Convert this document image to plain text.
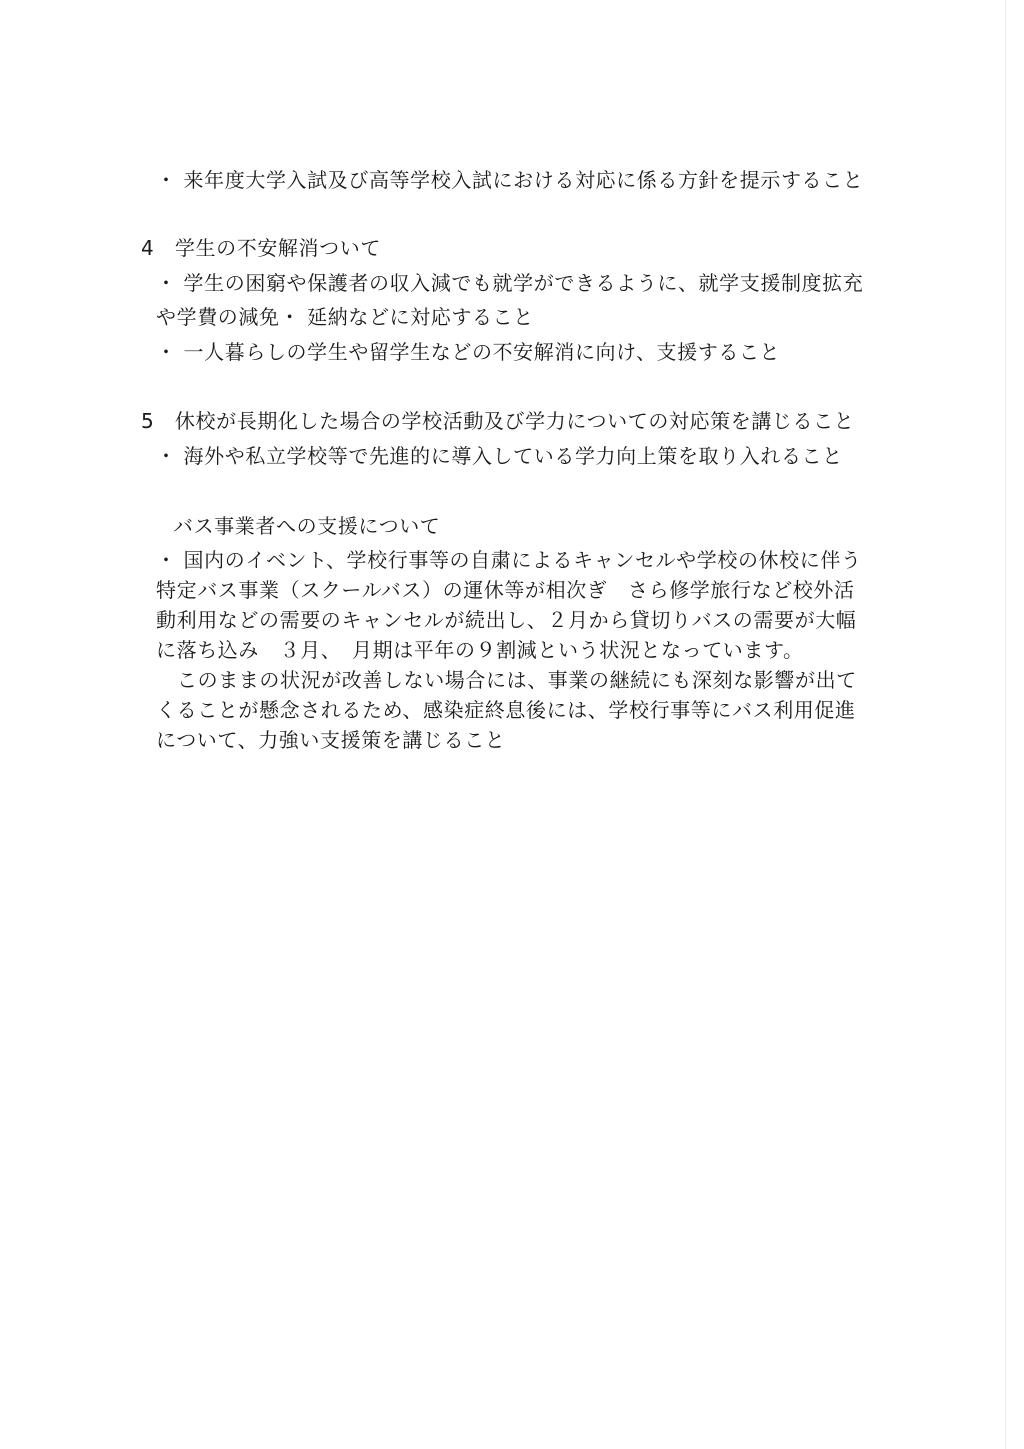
・ 来年度大学入試及び高等学校入試における対応に係る方針を提示すること
4　学生の不安解消ついて
・ 学生の困窮や保護者の収入減でも就学ができるように、就学支援制度拡充
や学費の減免・ 延納などに対応すること
・ 一人暮らしの学生や留学生などの不安解消に向け、支援すること
5　休校が長期化した場合の学校活動及び学力についての対応策を講じること
・ 海外や私立学校等で先進的に導入している学力向上策を取り入れること
バス事業者への支援について
・ 国内のイベント、学校行事等の自粛によるキャンセルや学校の休校に伴う
特定バス事業（スクールバス）の運休等が相次ぎ　さら修学旅行など校外活
動利用などの需要のキャンセルが続出し、２月から貸切りバスの需要が大幅
に落ち込み　３月、　月期は平年の９割減という状況となっています。
このままの状況が改善しない場合には、事業の継続にも深刻な影響が出て
くることが懸念されるため、感染症終息後には、学校行事等にバス利用促進
について、力強い支援策を講じること
